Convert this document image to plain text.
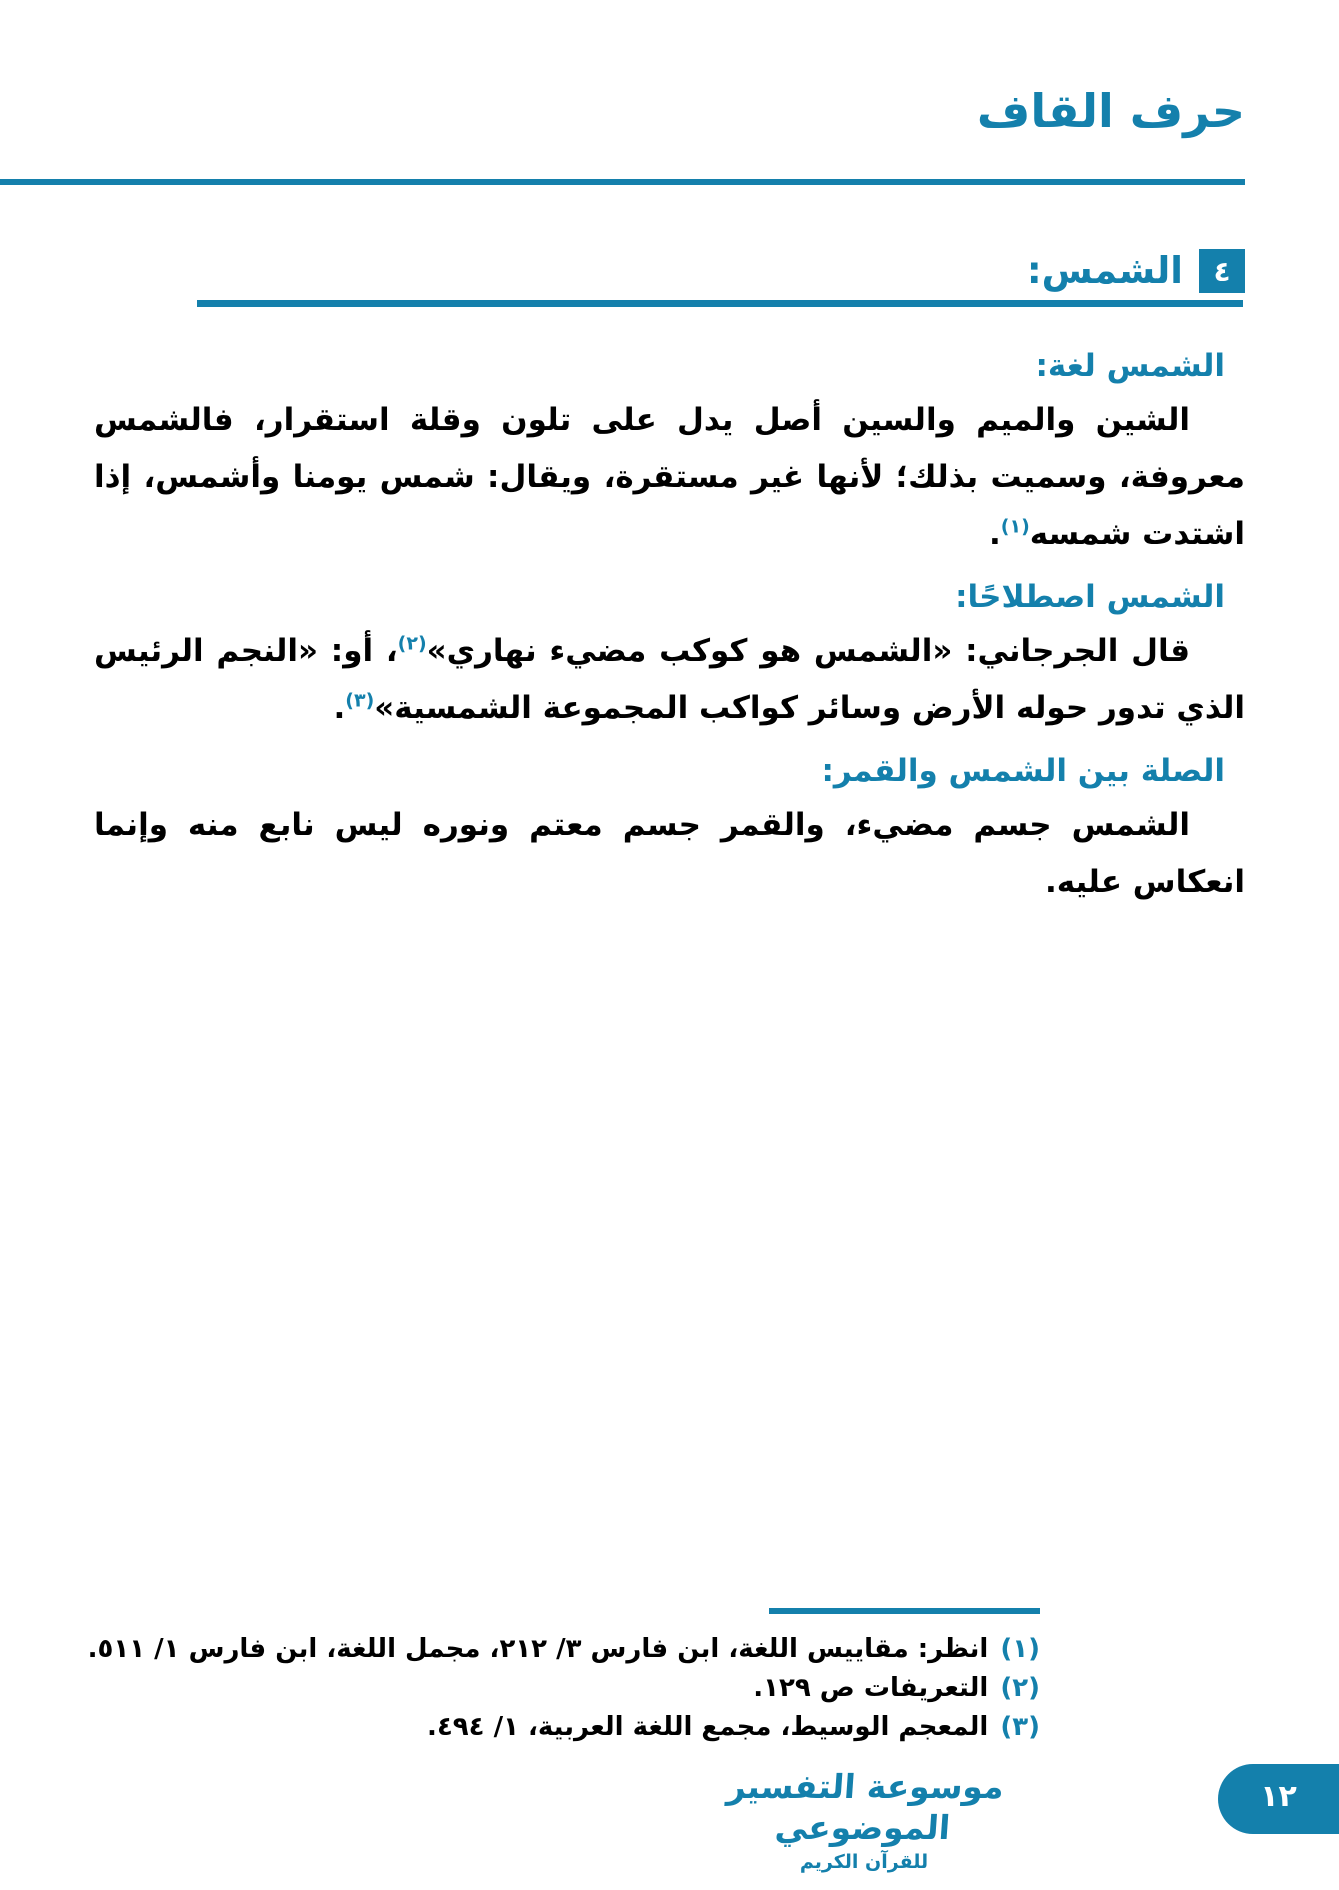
حرف القاف
٤
الشمس:
الشمس لغة:

الشين والميم والسين أصل يدل على تلون وقلة استقرار، فالشمس معروفة، وسميت بذلك؛ لأنها غير مستقرة، ويقال: شمس يومنا وأشمس، إذا اشتدت شمسه$^{(١)}$.

الشمس اصطلاحًا:

قال الجرجاني: «الشمس هو كوكب مضيء نهاري»$^{(٢)}$، أو: «النجم الرئيس الذي تدور حوله الأرض وسائر كواكب المجموعة الشمسية»$^{(٣)}$.

الصلة بين الشمس والقمر:

الشمس جسم مضيء، والقمر جسم معتم ونوره ليس نابع منه وإنما انعكاس عليه.

(١)انظر: مقاييس اللغة، ابن فارس ٣/ ٢١٢، مجمل اللغة، ابن فارس ١/ ٥١١.
(٢)التعريفات ص ١٢٩.
(٣)المعجم الوسيط، مجمع اللغة العربية، ١/ ٤٩٤.
موسوعة التفسير الموضوعي
للقرآن الكريم
١٢
